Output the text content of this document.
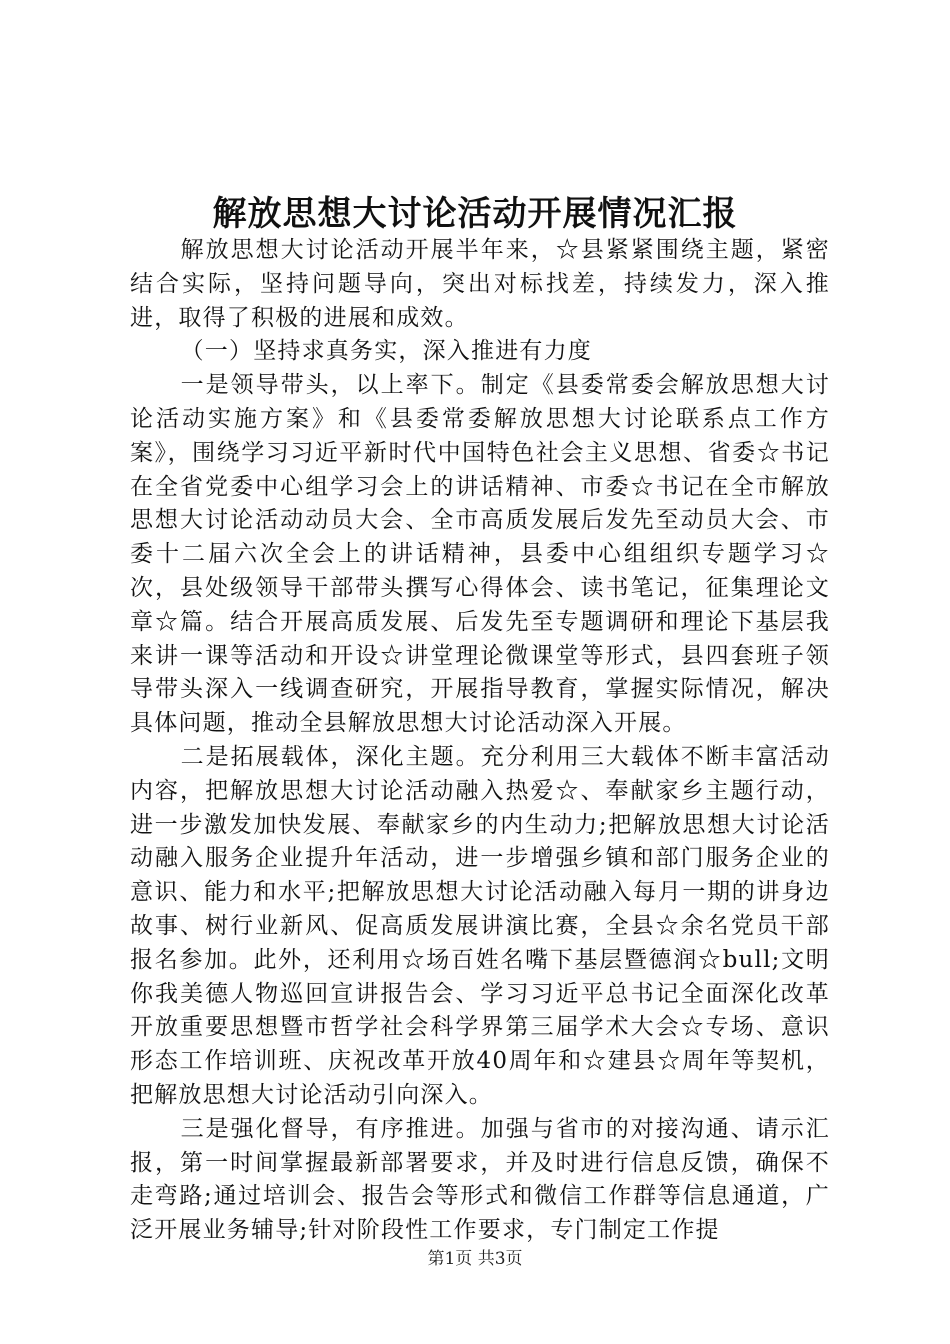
解放思想大讨论活动开展情况汇报

解放思想大讨论活动开展半年来，☆县紧紧围绕主题，紧密结合实际，坚持问题导向，突出对标找差，持续发力，深入推进，取得了积极的进展和成效。

（一）坚持求真务实，深入推进有力度

一是领导带头，以上率下。制定《县委常委会解放思想大讨论活动实施方案》和《县委常委解放思想大讨论联系点工作方案》，围绕学习习近平新时代中国特色社会主义思想、省委☆书记在全省党委中心组学习会上的讲话精神、市委☆书记在全市解放思想大讨论活动动员大会、全市高质发展后发先至动员大会、市委十二届六次全会上的讲话精神，县委中心组组织专题学习☆次，县处级领导干部带头撰写心得体会、读书笔记，征集理论文章☆篇。结合开展高质发展、后发先至专题调研和理论下基层我来讲一课等活动和开设☆讲堂理论微课堂等形式，县四套班子领导带头深入一线调查研究，开展指导教育，掌握实际情况，解决具体问题，推动全县解放思想大讨论活动深入开展。

二是拓展载体，深化主题。充分利用三大载体不断丰富活动内容，把解放思想大讨论活动融入热爱☆、奉献家乡主题行动，进一步激发加快发展、奉献家乡的内生动力;把解放思想大讨论活动融入服务企业提升年活动，进一步增强乡镇和部门服务企业的意识、能力和水平;把解放思想大讨论活动融入每月一期的讲身边故事、树行业新风、促高质发展讲演比赛，全县☆余名党员干部报名参加。此外，还利用☆场百姓名嘴下基层暨德润☆bull;文明你我美德人物巡回宣讲报告会、学习习近平总书记全面深化改革开放重要思想暨市哲学社会科学界第三届学术大会☆专场、意识形态工作培训班、庆祝改革开放40周年和☆建县☆周年等契机，把解放思想大讨论活动引向深入。

三是强化督导，有序推进。加强与省市的对接沟通、请示汇报，第一时间掌握最新部署要求，并及时进行信息反馈，确保不走弯路;通过培训会、报告会等形式和微信工作群等信息通道，广泛开展业务辅导;针对阶段性工作要求，专门制定工作提

第1页 共3页
